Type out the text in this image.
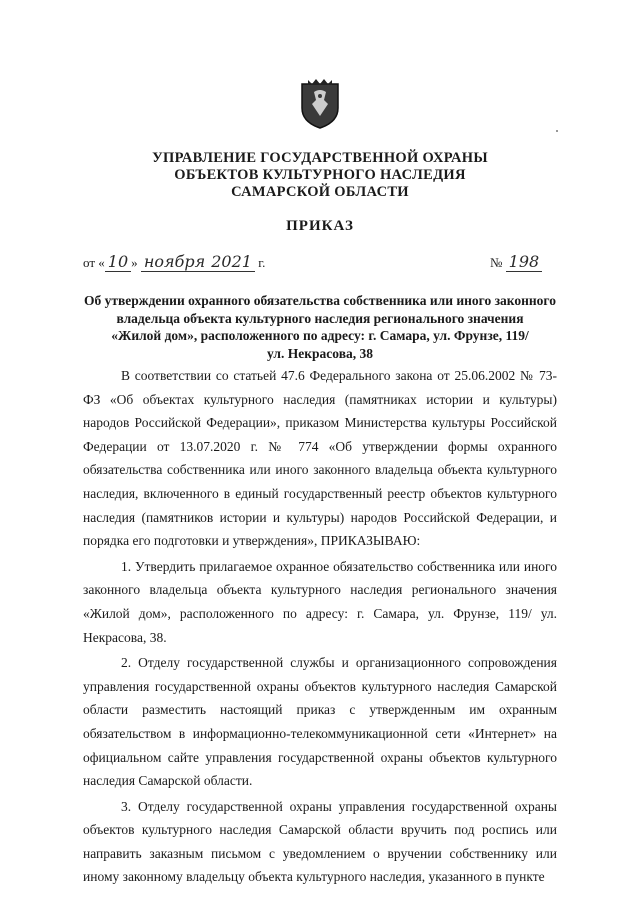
УПРАВЛЕНИЕ ГОСУДАРСТВЕННОЙ ОХРАНЫ
ОБЪЕКТОВ КУЛЬТУРНОГО НАСЛЕДИЯ
САМАРСКОЙ ОБЛАСТИ
ПРИКАЗ
от « 10 » ноября 2021 г.	№ 198
Об утверждении охранного обязательства собственника или иного законного
владельца объекта культурного наследия регионального значения
«Жилой дом», расположенного по адресу: г. Самара, ул. Фрунзе, 119/
ул. Некрасова, 38

В соответствии со статьей 47.6 Федерального закона от 25.06.2002 № 73-ФЗ «Об объектах культурного наследия (памятниках истории и культуры) народов Российской Федерации», приказом Министерства культуры Российской Федерации от 13.07.2020 г. № 774 «Об утверждении формы охранного обязательства собственника или иного законного владельца объекта культурного наследия, включенного в единый государственный реестр объектов культурного наследия (памятников истории и культуры) народов Российской Федерации, и порядка его подготовки и утверждения», ПРИКАЗЫВАЮ:

1. Утвердить прилагаемое охранное обязательство собственника или иного законного владельца объекта культурного наследия регионального значения «Жилой дом», расположенного по адресу: г. Самара, ул. Фрунзе, 119/ ул. Некрасова, 38.

2. Отделу государственной службы и организационного сопровождения управления государственной охраны объектов культурного наследия Самарской области разместить настоящий приказ с утвержденным им охранным обязательством в информационно-телекоммуникационной сети «Интернет» на официальном сайте управления государственной охраны объектов культурного наследия Самарской области.

3. Отделу государственной охраны управления государственной охраны объектов культурного наследия Самарской области вручить под роспись или направить заказным письмом с уведомлением о вручении собственнику или иному законному владельцу объекта культурного наследия, указанного в пункте
